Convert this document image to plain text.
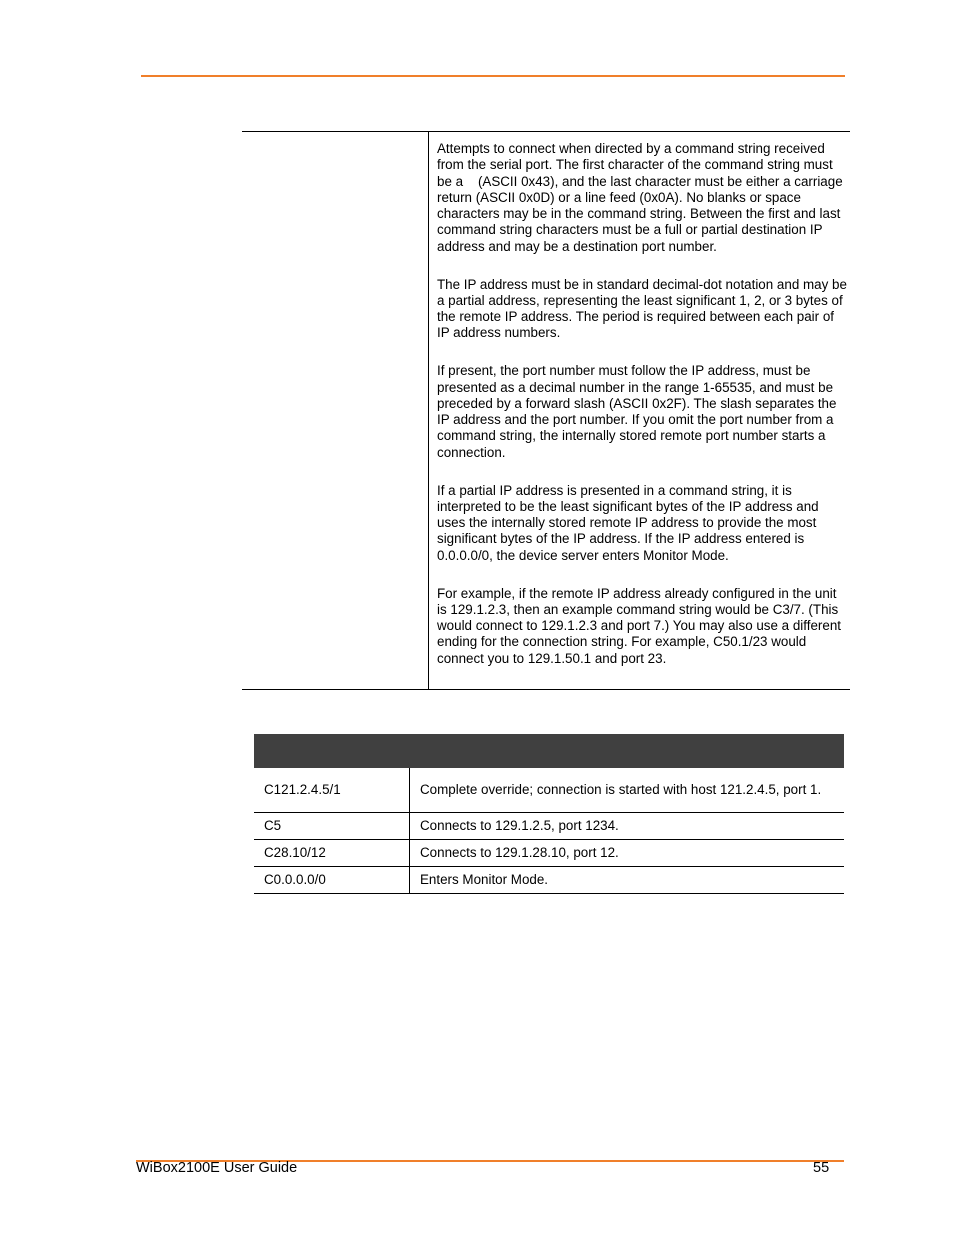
Attempts to connect when directed by a command string received from the serial port. The first character of the command string must be a    (ASCII 0x43), and the last character must be either a carriage return (ASCII 0x0D) or a line feed (0x0A). No blanks or space characters may be in the command string. Between the first and last command string characters must be a full or partial destination IP address and may be a destination port number.

The IP address must be in standard decimal-dot notation and may be a partial address, representing the least significant 1, 2, or 3 bytes of the remote IP address. The period is required between each pair of IP address numbers.

If present, the port number must follow the IP address, must be presented as a decimal number in the range 1-65535, and must be preceded by a forward slash (ASCII 0x2F). The slash separates the IP address and the port number. If you omit the port number from a command string, the internally stored remote port number starts a connection.

If a partial IP address is presented in a command string, it is interpreted to be the least significant bytes of the IP address and uses the internally stored remote IP address to provide the most significant bytes of the IP address. If the IP address entered is 0.0.0.0/0, the device server enters Monitor Mode.

For example, if the remote IP address already configured in the unit is 129.1.2.3, then an example command string would be C3/7. (This would connect to 129.1.2.3 and port 7.) You may also use a different ending for the connection string. For example, C50.1/23 would connect you to 129.1.50.1 and port 23.

C121.2.4.5/1	Complete override; connection is started with host 121.2.4.5, port 1.
C5	Connects to 129.1.2.5, port 1234.
C28.10/12	Connects to 129.1.28.10, port 12.
C0.0.0.0/0	Enters Monitor Mode.
WiBox2100E User Guide	55
